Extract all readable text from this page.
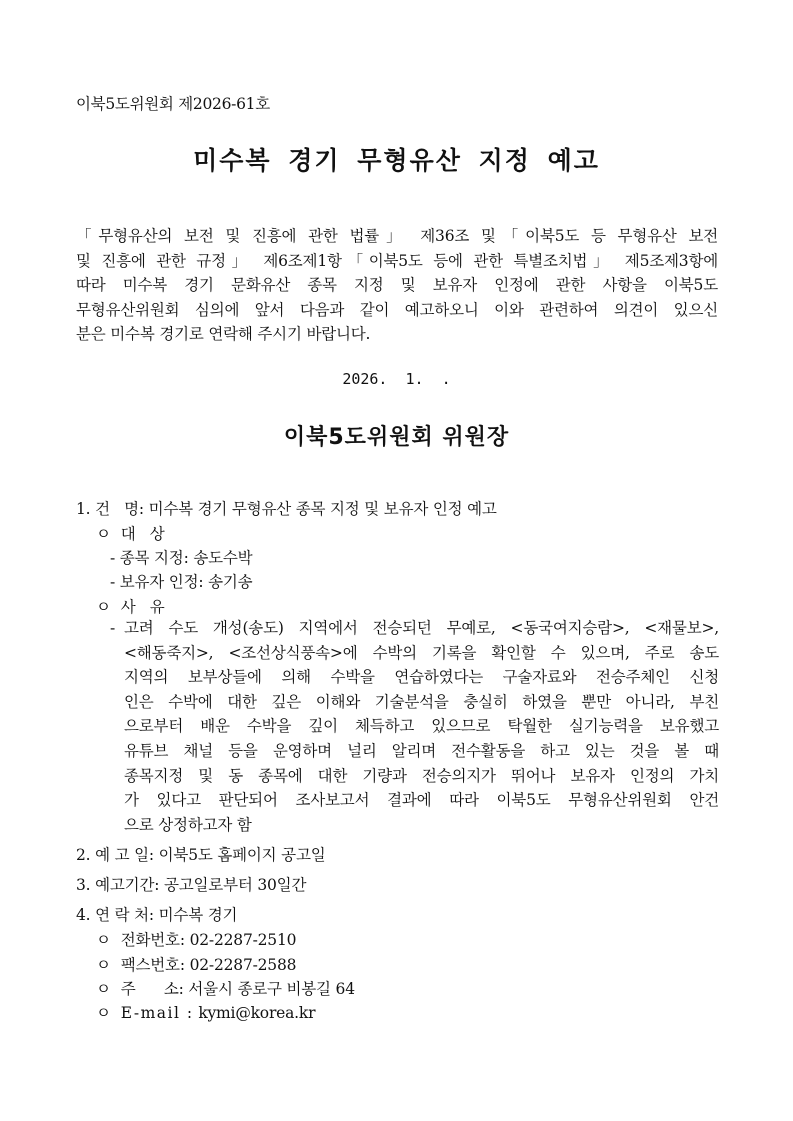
이북5도위원회 제2026-61호
미수복 경기 무형유산 지정 예고
「무형유산의 보전 및 진흥에 관한 법률」 제36조 및「이북5도 등 무형유산 보전
및 진흥에 관한 규정」 제6조제1항「이북5도 등에 관한 특별조치법」 제5조제3항에
따라 미수복 경기 문화유산 종목 지정 및 보유자 인정에 관한 사항을 이북5도
무형유산위원회 심의에 앞서 다음과 같이 예고하오니 이와 관련하여 의견이 있으신
분은 미수복 경기로 연락해 주시기 바랍니다.
2026.  1.  .
이북5도위원회 위원장
1. 건   명: 미수복 경기 무형유산 종목 지정 및 보유자 인정 예고
ㅇ 대   상
- 종목 지정: 송도수박
- 보유자 인정: 송기송
ㅇ 사   유
- 고려 수도 개성(송도) 지역에서 전승되던 무예로, <동국여지승람>, <재물보>,
<해동죽지>, <조선상식풍속>에 수박의 기록을 확인할 수 있으며, 주로 송도
지역의 보부상들에 의해 수박을 연습하였다는 구술자료와 전승주체인 신청
인은 수박에 대한 깊은 이해와 기술분석을 충실히 하였을 뿐만 아니라, 부친
으로부터 배운 수박을 깊이 체득하고 있으므로 탁월한 실기능력을 보유했고
유튜브 채널 등을 운영하며 널리 알리며 전수활동을 하고 있는 것을 볼 때
종목지정 및 동 종목에 대한 기량과 전승의지가 뛰어나 보유자 인정의 가치
가 있다고 판단되어 조사보고서 결과에 따라 이북5도 무형유산위원회 안건
으로 상정하고자 함
2. 예 고 일: 이북5도 홈페이지 공고일
3. 예고기간: 공고일로부터 30일간
4. 연 락 처: 미수복 경기
ㅇ 전화번호: 02-2287-2510
ㅇ 팩스번호: 02-2287-2588
ㅇ 주      소: 서울시 종로구 비봉길 64
ㅇ E-mail : kymi@korea.kr
